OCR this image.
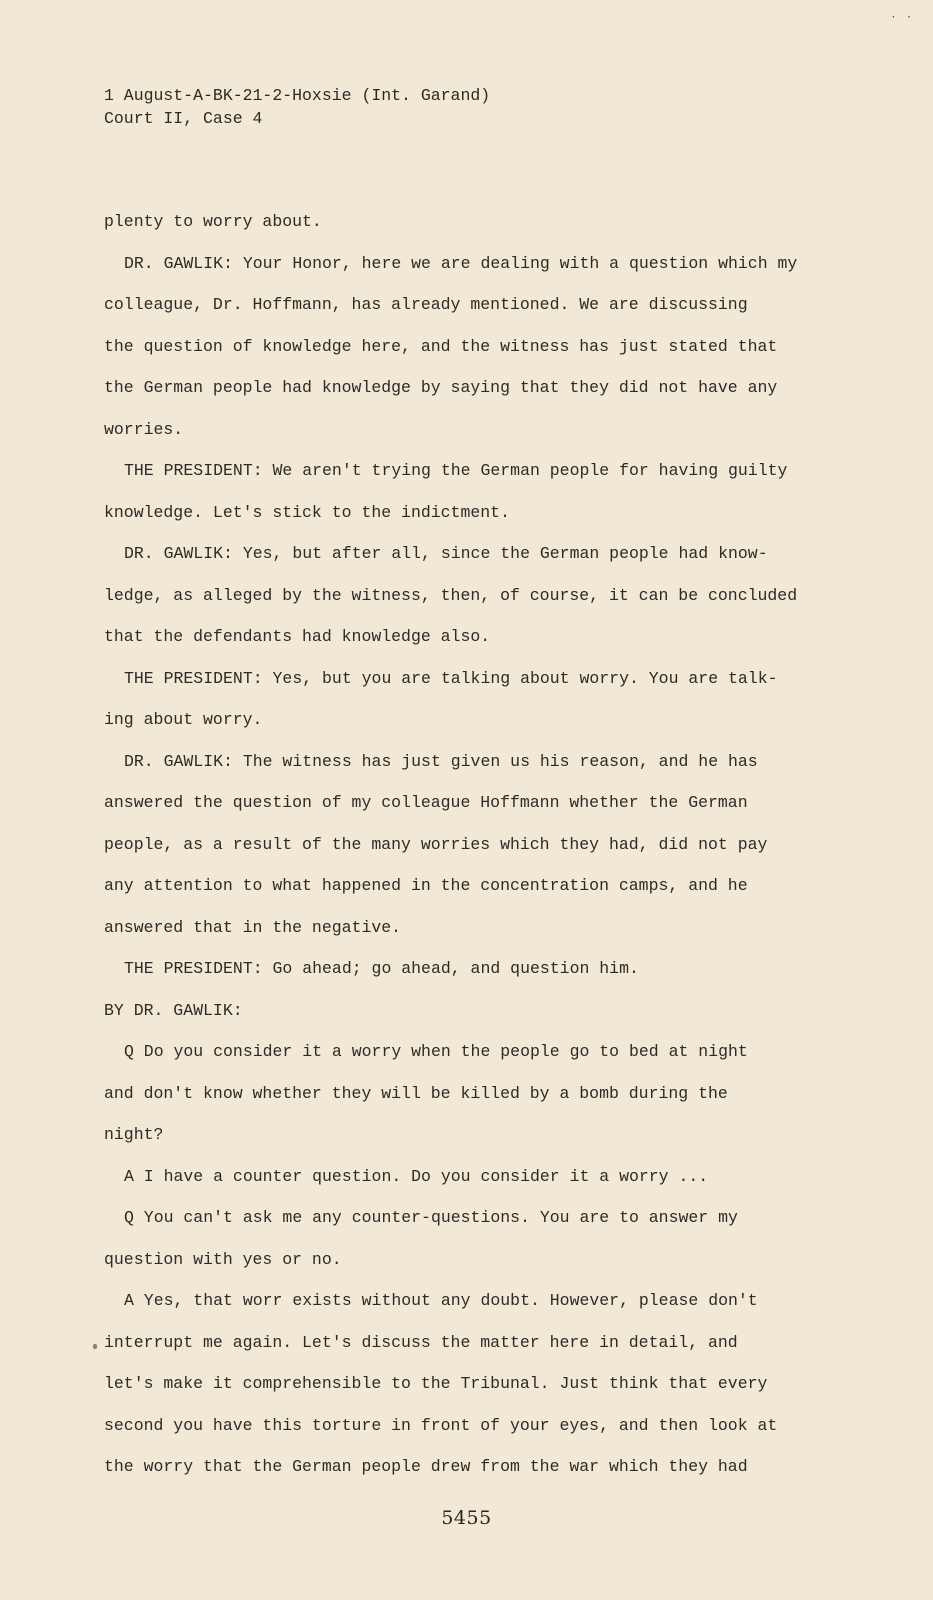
· ·
1 August-A-BK-21-2-Hoxsie (Int. Garand)
Court II, Case 4
plenty to worry about.
DR. GAWLIK: Your Honor, here we are dealing with a question which my
colleague, Dr. Hoffmann, has already mentioned. We are discussing
the question of knowledge here, and the witness has just stated that
the German people had knowledge by saying that they did not have any
worries.
THE PRESIDENT: We aren't trying the German people for having guilty
knowledge. Let's stick to the indictment.
DR. GAWLIK: Yes, but after all, since the German people had know-
ledge, as alleged by the witness, then, of course, it can be concluded
that the defendants had knowledge also.
THE PRESIDENT: Yes, but you are talking about worry. You are talk-
ing about worry.
DR. GAWLIK: The witness has just given us his reason, and he has
answered the question of my colleague Hoffmann whether the German
people, as a result of the many worries which they had, did not pay
any attention to what happened in the concentration camps, and he
answered that in the negative.
THE PRESIDENT: Go ahead; go ahead, and question him.
BY DR. GAWLIK:
Q Do you consider it a worry when the people go to bed at night
and don't know whether they will be killed by a bomb during the
night?
A I have a counter question. Do you consider it a worry ...
Q You can't ask me any counter-questions. You are to answer my
question with yes or no.
A Yes, that worr exists without any doubt. However, please don't
interrupt me again. Let's discuss the matter here in detail, and
let's make it comprehensible to the Tribunal. Just think that every
second you have this torture in front of your eyes, and then look at
the worry that the German people drew from the war which they had
5455
